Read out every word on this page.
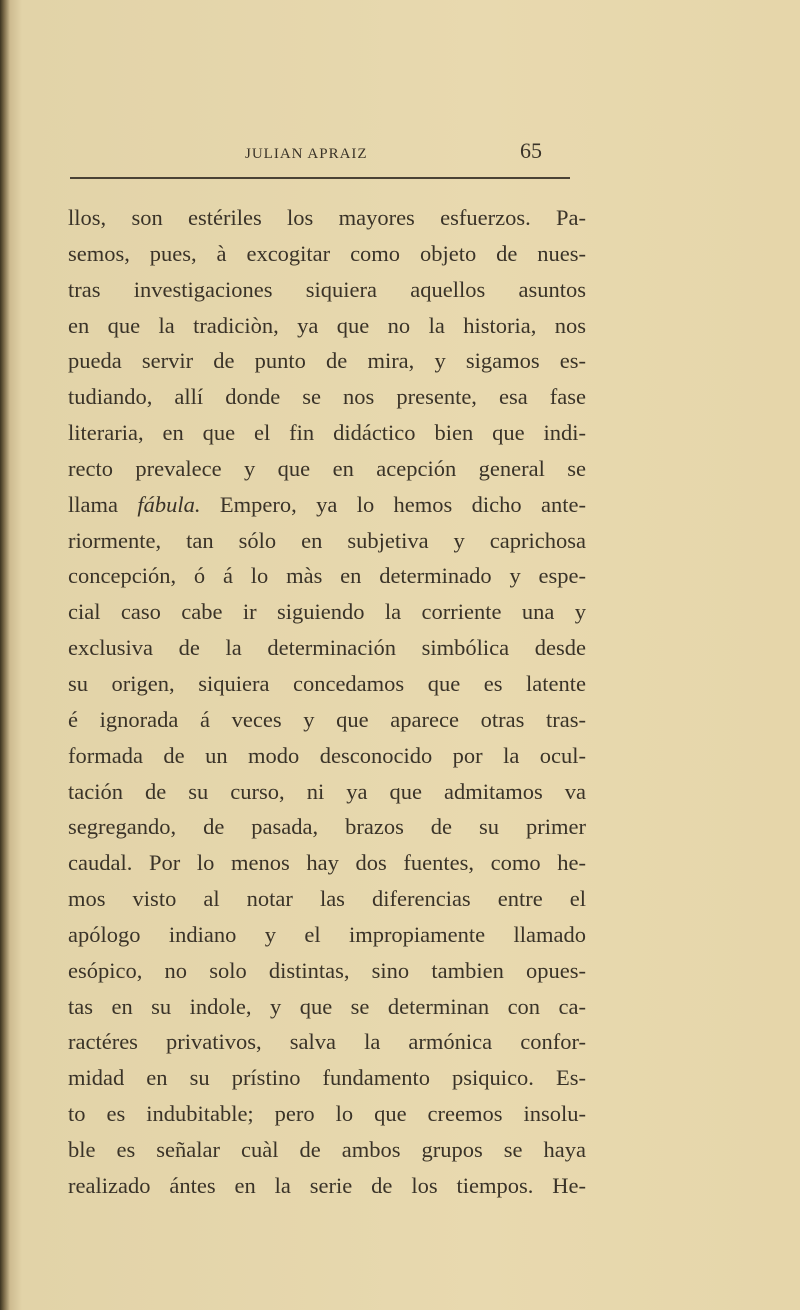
JULIAN APRAIZ	65
llos, son estériles los mayores esfuerzos. Pa-
semos, pues, à excogitar como objeto de nues-
tras investigaciones siquiera aquellos asuntos
en que la tradiciòn, ya que no la historia, nos
pueda servir de punto de mira, y sigamos es-
tudiando, allí donde se nos presente, esa fase
literaria, en que el fin didáctico bien que indi-
recto prevalece y que en acepción general se
llama fábula. Empero, ya lo hemos dicho ante-
riormente, tan sólo en subjetiva y caprichosa
concepción, ó á lo màs en determinado y espe-
cial caso cabe ir siguiendo la corriente una y
exclusiva de la determinación simbólica desde
su origen, siquiera concedamos que es latente
é ignorada á veces y que aparece otras tras-
formada de un modo desconocido por la ocul-
tación de su curso, ni ya que admitamos va
segregando, de pasada, brazos de su primer
caudal. Por lo menos hay dos fuentes, como he-
mos visto al notar las diferencias entre el
apólogo indiano y el impropiamente llamado
esópico, no solo distintas, sino tambien opues-
tas en su indole, y que se determinan con ca-
ractéres privativos, salva la armónica confor-
midad en su prístino fundamento psiquico. Es-
to es indubitable; pero lo que creemos insolu-
ble es señalar cuàl de ambos grupos se haya
realizado ántes en la serie de los tiempos. He-
